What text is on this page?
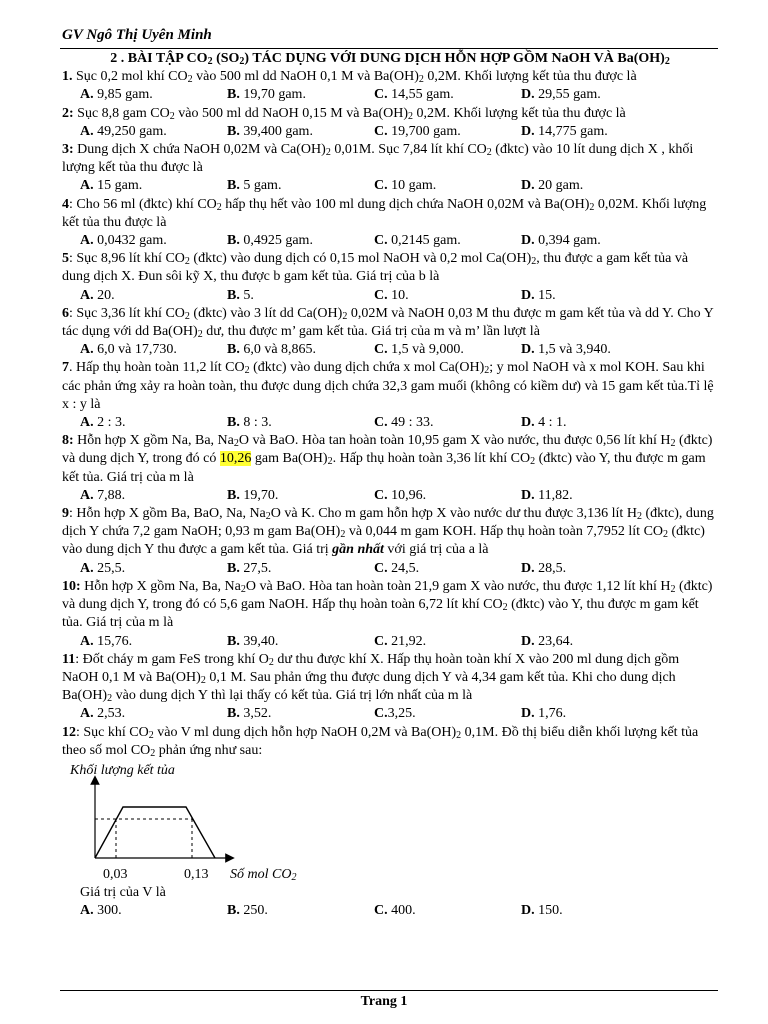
GV Ngô Thị Uyên Minh
2 . BÀI TẬP $CO_2$ $(SO_2)$ TÁC DỤNG VỚI DUNG DỊCH HỖN HỢP GỒM NaOH VÀ $Ba(OH)_2$

1. Sục 0,2 mol khí $CO_2$ vào 500 ml dd NaOH 0,1 M và $Ba(OH)_2$ 0,2M. Khối lượng kết tủa thu được là

A. 9,85 gam.	B. 19,70 gam.	C. 14,55 gam.	D. 29,55 gam.

2: Sục 8,8 gam $CO_2$ vào 500 ml dd NaOH 0,15 M và $Ba(OH)_2$ 0,2M. Khối lượng kết tủa thu được là

A. 49,250 gam.	B. 39,400 gam.	C. 19,700 gam.	D. 14,775 gam.

3: Dung dịch X chứa NaOH 0,02M và $Ca(OH)_2$ 0,01M. Sục 7,84 lít khí $CO_2$ (đktc) vào 10 lít dung dịch X , khối lượng kết tủa thu được là

A. 15 gam.	B. 5 gam.	C. 10 gam.	D. 20 gam.

4: Cho 56 ml (đktc) khí $CO_2$ hấp thụ hết vào 100 ml dung dịch chứa NaOH 0,02M và $Ba(OH)_2$ 0,02M. Khối lượng kết tủa thu được là

A. 0,0432 gam.	B. 0,4925 gam.	C. 0,2145 gam.	D. 0,394 gam.

5: Sục 8,96 lít khí $CO_2$ (đktc) vào dung dịch có 0,15 mol NaOH và 0,2 mol $Ca(OH)_2$, thu được a gam kết tủa và dung dịch X. Đun sôi kỹ X, thu được b gam kết tủa. Giá trị của b là

A. 20.	B. 5.	C. 10.	D. 15.

6: Sục 3,36 lít khí $CO_2$ (đktc) vào 3 lít dd $Ca(OH)_2$ 0,02M và NaOH 0,03 M thu được m gam kết tủa và dd Y. Cho Y tác dụng với dd $Ba(OH)_2$ dư, thu được m’ gam kết tủa. Giá trị của m và m’ lần lượt là

A. 6,0 và 17,730.	B. 6,0 và 8,865.	C. 1,5 và 9,000.	D. 1,5 và 3,940.

7. Hấp thụ hoàn toàn 11,2 lít $CO_2$ (đktc) vào dung dịch chứa x mol $Ca(OH)_2$; y mol NaOH và x mol KOH. Sau khi các phản ứng xảy ra hoàn toàn, thu được dung dịch chứa 32,3 gam muối (không có kiềm dư) và 15 gam kết tủa.Tỉ lệ x : y là

A. 2 : 3.	B. 8 : 3.	C. 49 : 33.	D. 4 : 1.

8: Hỗn hợp X gồm Na, Ba, $Na_2O$ và BaO. Hòa tan hoàn toàn 10,95 gam X vào nước, thu được 0,56 lít khí $H_2$ (đktc) và dung dịch Y, trong đó có 10,26 gam $Ba(OH)_2$. Hấp thụ hoàn toàn 3,36 lít khí $CO_2$ (đktc) vào Y, thu được m gam kết tủa. Giá trị của m là

A. 7,88.	B. 19,70.	C. 10,96.	D. 11,82.

9: Hỗn hợp X gồm Ba, BaO, Na, $Na_2O$ và K. Cho m gam hỗn hợp X vào nước dư thu được 3,136 lít $H_2$ (đktc), dung dịch Y chứa 7,2 gam NaOH; 0,93 m gam $Ba(OH)_2$ và 0,044 m gam KOH. Hấp thụ hoàn toàn 7,7952 lít $CO_2$ (đktc) vào dung dịch Y thu được a gam kết tủa. Giá trị gần nhất với giá trị của a là

A. 25,5.	B. 27,5.	C. 24,5.	D. 28,5.

10: Hỗn hợp X gồm Na, Ba, $Na_2O$ và BaO. Hòa tan hoàn toàn 21,9 gam X vào nước, thu được 1,12 lít khí $H_2$ (đktc) và dung dịch Y, trong đó có 5,6 gam NaOH. Hấp thụ hoàn toàn 6,72 lít khí $CO_2$ (đktc) vào Y, thu được m gam kết tủa. Giá trị của m là

A. 15,76.	B. 39,40.	C. 21,92.	D. 23,64.

11: Đốt cháy m gam FeS trong khí $O_2$ dư thu được khí X. Hấp thụ hoàn toàn khí X vào 200 ml dung dịch gồm NaOH 0,1 M và $Ba(OH)_2$ 0,1 M. Sau phản ứng thu được dung dịch Y và 4,34 gam kết tủa. Khi cho dung dịch $Ba(OH)_2$ vào dung dịch Y thì lại thấy có kết tủa. Giá trị lớn nhất của m là

A. 2,53.	B. 3,52.	C.3,25.	D. 1,76.

12: Sục khí $CO_2$ vào V ml dung dịch hỗn hợp NaOH 0,2M và $Ba(OH)_2$ 0,1M. Đồ thị biểu diễn khối lượng kết tủa theo số mol $CO_2$ phản ứng như sau:

Khối lượng kết tủa
0,03	0,13 Số mol $CO_2$

Giá trị của V là

A. 300.	B. 250.	C. 400.	D. 150.
Trang 1
